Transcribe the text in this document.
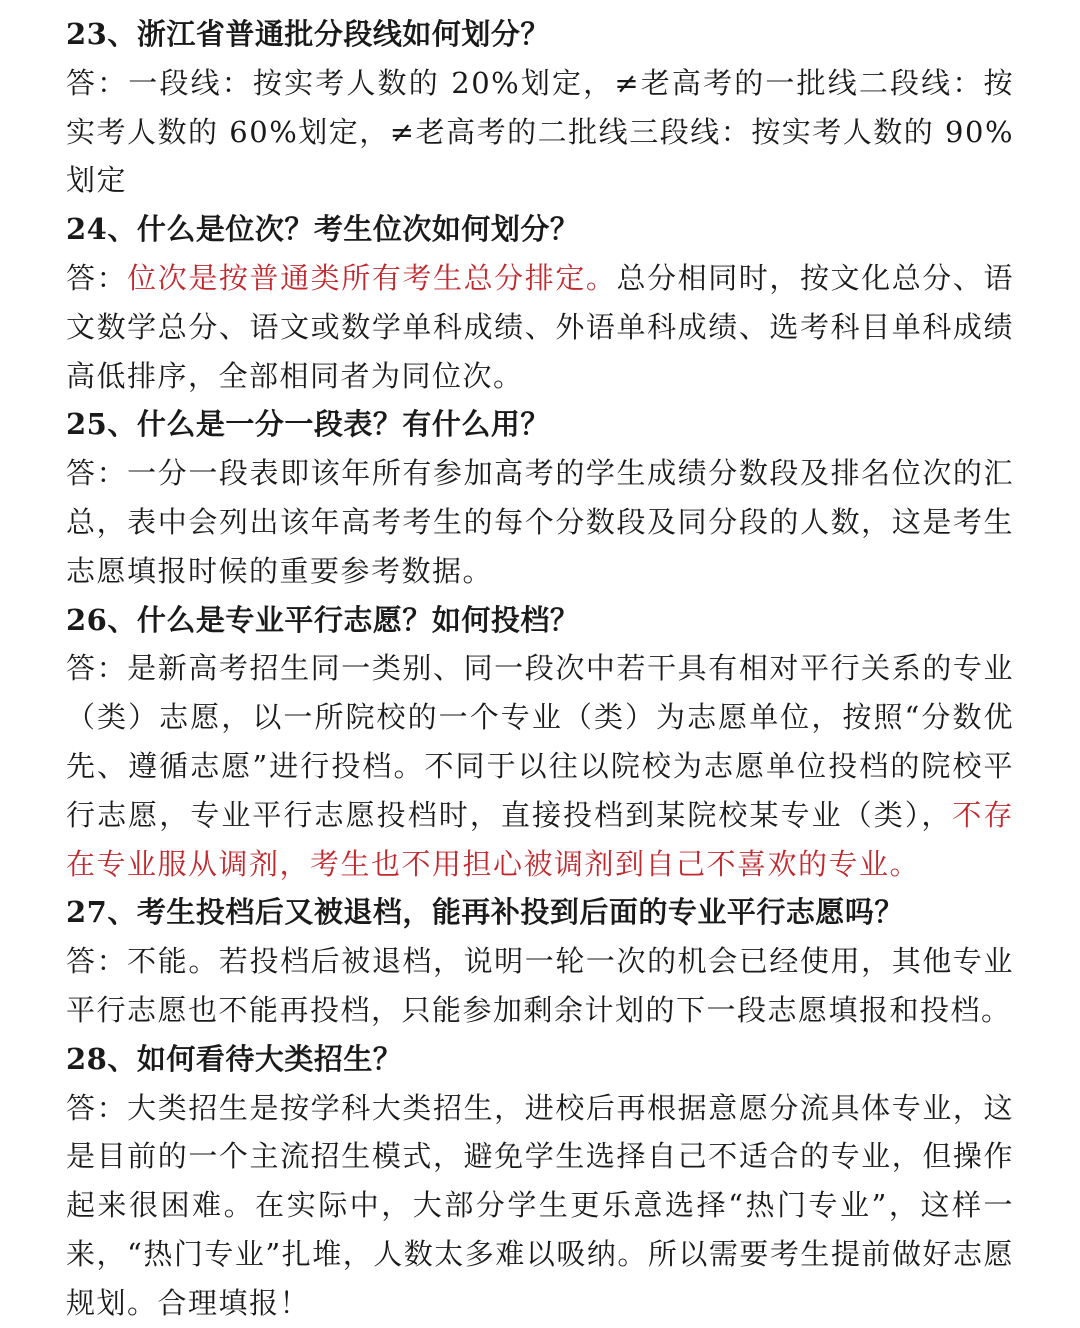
23、浙江省普通批分段线如何划分？

答：一段线：按实考人数的 20%划定，≠老高考的一批线二段线：按实考人数的 60%划定，≠老高考的二批线三段线：按实考人数的 90%划定

24、什么是位次？考生位次如何划分？

答：位次是按普通类所有考生总分排定。总分相同时，按文化总分、语文数学总分、语文或数学单科成绩、外语单科成绩、选考科目单科成绩高低排序，全部相同者为同位次。

25、什么是一分一段表？有什么用？

答：一分一段表即该年所有参加高考的学生成绩分数段及排名位次的汇总，表中会列出该年高考考生的每个分数段及同分段的人数，这是考生志愿填报时候的重要参考数据。

26、什么是专业平行志愿？如何投档？

答：是新高考招生同一类别、同一段次中若干具有相对平行关系的专业（类）志愿，以一所院校的一个专业（类）为志愿单位，按照“分数优先、遵循志愿”进行投档。不同于以往以院校为志愿单位投档的院校平行志愿，专业平行志愿投档时，直接投档到某院校某专业（类），不存在专业服从调剂，考生也不用担心被调剂到自己不喜欢的专业。

27、考生投档后又被退档，能再补投到后面的专业平行志愿吗？

答：不能。若投档后被退档，说明一轮一次的机会已经使用，其他专业平行志愿也不能再投档，只能参加剩余计划的下一段志愿填报和投档。

28、如何看待大类招生？

答：大类招生是按学科大类招生，进校后再根据意愿分流具体专业，这是目前的一个主流招生模式，避免学生选择自己不适合的专业，但操作起来很困难。在实际中，大部分学生更乐意选择“热门专业”，这样一来，“热门专业”扎堆，人数太多难以吸纳。所以需要考生提前做好志愿规划。合理填报！
